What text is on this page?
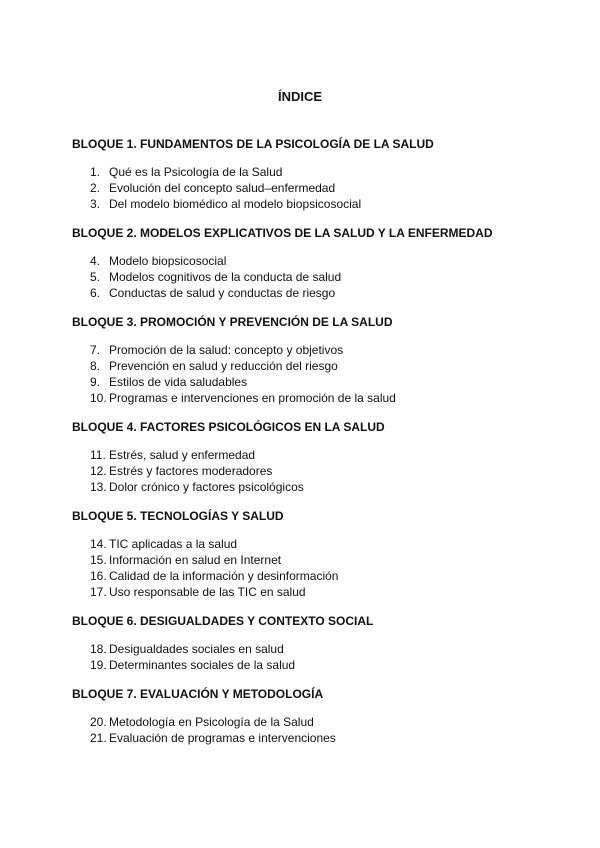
ÍNDICE
BLOQUE 1. FUNDAMENTOS DE LA PSICOLOGÍA DE LA SALUD
1. Qué es la Psicología de la Salud
2. Evolución del concepto salud–enfermedad
3. Del modelo biomédico al modelo biopsicosocial
BLOQUE 2. MODELOS EXPLICATIVOS DE LA SALUD Y LA ENFERMEDAD
4. Modelo biopsicosocial
5. Modelos cognitivos de la conducta de salud
6. Conductas de salud y conductas de riesgo
BLOQUE 3. PROMOCIÓN Y PREVENCIÓN DE LA SALUD
7. Promoción de la salud: concepto y objetivos
8. Prevención en salud y reducción del riesgo
9. Estilos de vida saludables
10. Programas e intervenciones en promoción de la salud
BLOQUE 4. FACTORES PSICOLÓGICOS EN LA SALUD
11. Estrés, salud y enfermedad
12. Estrés y factores moderadores
13. Dolor crónico y factores psicológicos
BLOQUE 5. TECNOLOGÍAS Y SALUD
14. TIC aplicadas a la salud
15. Información en salud en Internet
16. Calidad de la información y desinformación
17. Uso responsable de las TIC en salud
BLOQUE 6. DESIGUALDADES Y CONTEXTO SOCIAL
18. Desigualdades sociales en salud
19. Determinantes sociales de la salud
BLOQUE 7. EVALUACIÓN Y METODOLOGÍA
20. Metodología en Psicología de la Salud
21. Evaluación de programas e intervenciones
